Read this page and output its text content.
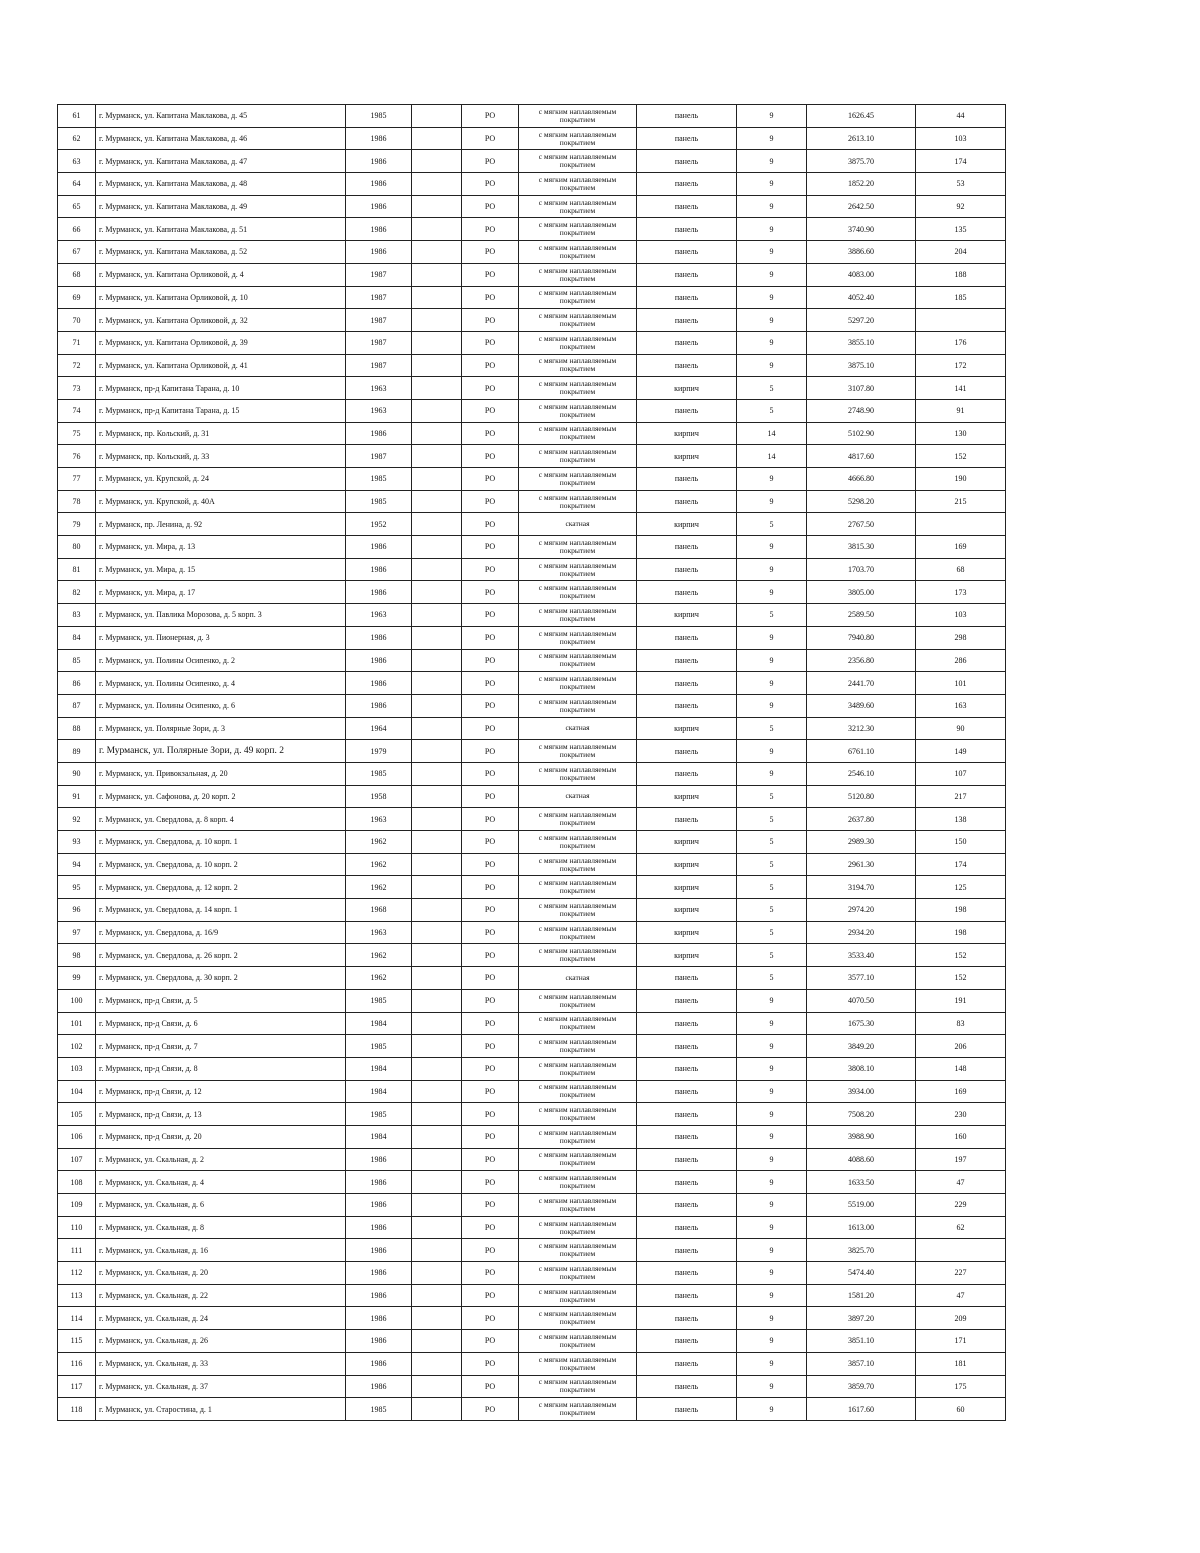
61	г. Мурманск, ул. Капитана Маклакова, д. 45	1985		РО	с мягким наплавляемым покрытием	панель	9	1626.45	44
62	г. Мурманск, ул. Капитана Маклакова, д. 46	1986		РО	с мягким наплавляемым покрытием	панель	9	2613.10	103
63	г. Мурманск, ул. Капитана Маклакова, д. 47	1986		РО	с мягким наплавляемым покрытием	панель	9	3875.70	174
64	г. Мурманск, ул. Капитана Маклакова, д. 48	1986		РО	с мягким наплавляемым покрытием	панель	9	1852.20	53
65	г. Мурманск, ул. Капитана Маклакова, д. 49	1986		РО	с мягким наплавляемым покрытием	панель	9	2642.50	92
66	г. Мурманск, ул. Капитана Маклакова, д. 51	1986		РО	с мягким наплавляемым покрытием	панель	9	3740.90	135
67	г. Мурманск, ул. Капитана Маклакова, д. 52	1986		РО	с мягким наплавляемым покрытием	панель	9	3886.60	204
68	г. Мурманск, ул. Капитана Орликовой, д. 4	1987		РО	с мягким наплавляемым покрытием	панель	9	4083.00	188
69	г. Мурманск, ул. Капитана Орликовой, д. 10	1987		РО	с мягким наплавляемым покрытием	панель	9	4052.40	185
70	г. Мурманск, ул. Капитана Орликовой, д. 32	1987		РО	с мягким наплавляемым покрытием	панель	9	5297.20	
71	г. Мурманск, ул. Капитана Орликовой, д. 39	1987		РО	с мягким наплавляемым покрытием	панель	9	3855.10	176
72	г. Мурманск, ул. Капитана Орликовой, д. 41	1987		РО	с мягким наплавляемым покрытием	панель	9	3875.10	172
73	г. Мурманск, пр-д Капитана Тарана, д. 10	1963		РО	с мягким наплавляемым покрытием	кирпич	5	3107.80	141
74	г. Мурманск, пр-д Капитана Тарана, д. 15	1963		РО	с мягким наплавляемым покрытием	панель	5	2748.90	91
75	г. Мурманск, пр. Кольский, д. 31	1986		РО	с мягким наплавляемым покрытием	кирпич	14	5102.90	130
76	г. Мурманск, пр. Кольский, д. 33	1987		РО	с мягким наплавляемым покрытием	кирпич	14	4817.60	152
77	г. Мурманск, ул. Крупской, д. 24	1985		РО	с мягким наплавляемым покрытием	панель	9	4666.80	190
78	г. Мурманск, ул. Крупской, д. 40А	1985		РО	с мягким наплавляемым покрытием	панель	9	5298.20	215
79	г. Мурманск, пр. Ленина, д. 92	1952		РО	скатная	кирпич	5	2767.50	
80	г. Мурманск, ул. Мира, д. 13	1986		РО	с мягким наплавляемым покрытием	панель	9	3815.30	169
81	г. Мурманск, ул. Мира, д. 15	1986		РО	с мягким наплавляемым покрытием	панель	9	1703.70	68
82	г. Мурманск, ул. Мира, д. 17	1986		РО	с мягким наплавляемым покрытием	панель	9	3805.00	173
83	г. Мурманск, ул. Павлика Морозова, д. 5 корп. 3	1963		РО	с мягким наплавляемым покрытием	кирпич	5	2589.50	103
84	г. Мурманск, ул. Пионерная, д. 3	1986		РО	с мягким наплавляемым покрытием	панель	9	7940.80	298
85	г. Мурманск, ул. Полины Осипенко, д. 2	1986		РО	с мягким наплавляемым покрытием	панель	9	2356.80	286
86	г. Мурманск, ул. Полины Осипенко, д. 4	1986		РО	с мягким наплавляемым покрытием	панель	9	2441.70	101
87	г. Мурманск, ул. Полины Осипенко, д. 6	1986		РО	с мягким наплавляемым покрытием	панель	9	3489.60	163
88	г. Мурманск, ул. Полярные Зори, д. 3	1964		РО	скатная	кирпич	5	3212.30	90
89	г. Мурманск, ул. Полярные Зори, д. 49 корп. 2	1979		РО	с мягким наплавляемым покрытием	панель	9	6761.10	149
90	г. Мурманск, ул. Привокзальная, д. 20	1985		РО	с мягким наплавляемым покрытием	панель	9	2546.10	107
91	г. Мурманск, ул. Сафонова, д. 20 корп. 2	1958		РО	скатная	кирпич	5	5120.80	217
92	г. Мурманск, ул. Свердлова, д. 8 корп. 4	1963		РО	с мягким наплавляемым покрытием	панель	5	2637.80	138
93	г. Мурманск, ул. Свердлова, д. 10 корп. 1	1962		РО	с мягким наплавляемым покрытием	кирпич	5	2989.30	150
94	г. Мурманск, ул. Свердлова, д. 10 корп. 2	1962		РО	с мягким наплавляемым покрытием	кирпич	5	2961.30	174
95	г. Мурманск, ул. Свердлова, д. 12 корп. 2	1962		РО	с мягким наплавляемым покрытием	кирпич	5	3194.70	125
96	г. Мурманск, ул. Свердлова, д. 14 корп. 1	1968		РО	с мягким наплавляемым покрытием	кирпич	5	2974.20	198
97	г. Мурманск, ул. Свердлова, д. 16/9	1963		РО	с мягким наплавляемым покрытием	кирпич	5	2934.20	198
98	г. Мурманск, ул. Свердлова, д. 26 корп. 2	1962		РО	с мягким наплавляемым покрытием	кирпич	5	3533.40	152
99	г. Мурманск, ул. Свердлова, д. 30 корп. 2	1962		РО	скатная	панель	5	3577.10	152
100	г. Мурманск, пр-д Связи, д. 5	1985		РО	с мягким наплавляемым покрытием	панель	9	4070.50	191
101	г. Мурманск, пр-д Связи, д. 6	1984		РО	с мягким наплавляемым покрытием	панель	9	1675.30	83
102	г. Мурманск, пр-д Связи, д. 7	1985		РО	с мягким наплавляемым покрытием	панель	9	3849.20	206
103	г. Мурманск, пр-д Связи, д. 8	1984		РО	с мягким наплавляемым покрытием	панель	9	3808.10	148
104	г. Мурманск, пр-д Связи, д. 12	1984		РО	с мягким наплавляемым покрытием	панель	9	3934.00	169
105	г. Мурманск, пр-д Связи, д. 13	1985		РО	с мягким наплавляемым покрытием	панель	9	7508.20	230
106	г. Мурманск, пр-д Связи, д. 20	1984		РО	с мягким наплавляемым покрытием	панель	9	3988.90	160
107	г. Мурманск, ул. Скальная, д. 2	1986		РО	с мягким наплавляемым покрытием	панель	9	4088.60	197
108	г. Мурманск, ул. Скальная, д. 4	1986		РО	с мягким наплавляемым покрытием	панель	9	1633.50	47
109	г. Мурманск, ул. Скальная, д. 6	1986		РО	с мягким наплавляемым покрытием	панель	9	5519.00	229
110	г. Мурманск, ул. Скальная, д. 8	1986		РО	с мягким наплавляемым покрытием	панель	9	1613.00	62
111	г. Мурманск, ул. Скальная, д. 16	1986		РО	с мягким наплавляемым покрытием	панель	9	3825.70	
112	г. Мурманск, ул. Скальная, д. 20	1986		РО	с мягким наплавляемым покрытием	панель	9	5474.40	227
113	г. Мурманск, ул. Скальная, д. 22	1986		РО	с мягким наплавляемым покрытием	панель	9	1581.20	47
114	г. Мурманск, ул. Скальная, д. 24	1986		РО	с мягким наплавляемым покрытием	панель	9	3897.20	209
115	г. Мурманск, ул. Скальная, д. 26	1986		РО	с мягким наплавляемым покрытием	панель	9	3851.10	171
116	г. Мурманск, ул. Скальная, д. 33	1986		РО	с мягким наплавляемым покрытием	панель	9	3857.10	181
117	г. Мурманск, ул. Скальная, д. 37	1986		РО	с мягким наплавляемым покрытием	панель	9	3859.70	175
118	г. Мурманск, ул. Старостина, д. 1	1985		РО	с мягким наплавляемым покрытием	панель	9	1617.60	60
